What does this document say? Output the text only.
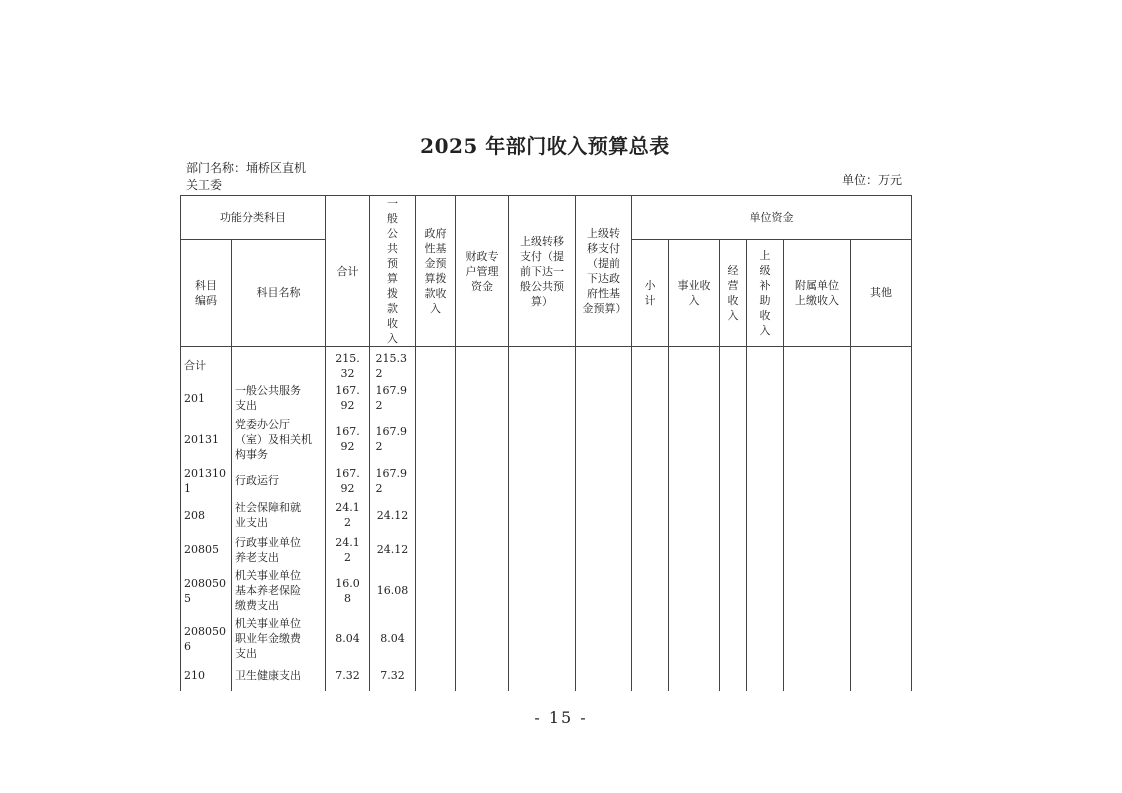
2025 年部门收入预算总表
部门名称：埇桥区直机
关工委	单位：万元
功能分类科目		合计	一般公共预算拨款收入	政府性基金预算拨款收入	财政专户管理资金	上级转移支付（提前下达一般公共预算）	上级转移支付（提前下达政府性基金预算）	单位资金					
科目编码	科目名称							小计	事业收入	经营收入	上级补助收入	附属单位上缴收入	其他
合计		215.32	215.32										
201	一般公共服务支出	167.92	167.92										
20131	党委办公厅（室）及相关机构事务	167.92	167.92										
2013101	行政运行	167.92	167.92										
208	社会保障和就业支出	24.12	24.12										
20805	行政事业单位养老支出	24.12	24.12										
2080505	机关事业单位基本养老保险缴费支出	16.08	16.08										
2080506	机关事业单位职业年金缴费支出	8.04	8.04										
210	卫生健康支出	7.32	7.32										
- 15 -
